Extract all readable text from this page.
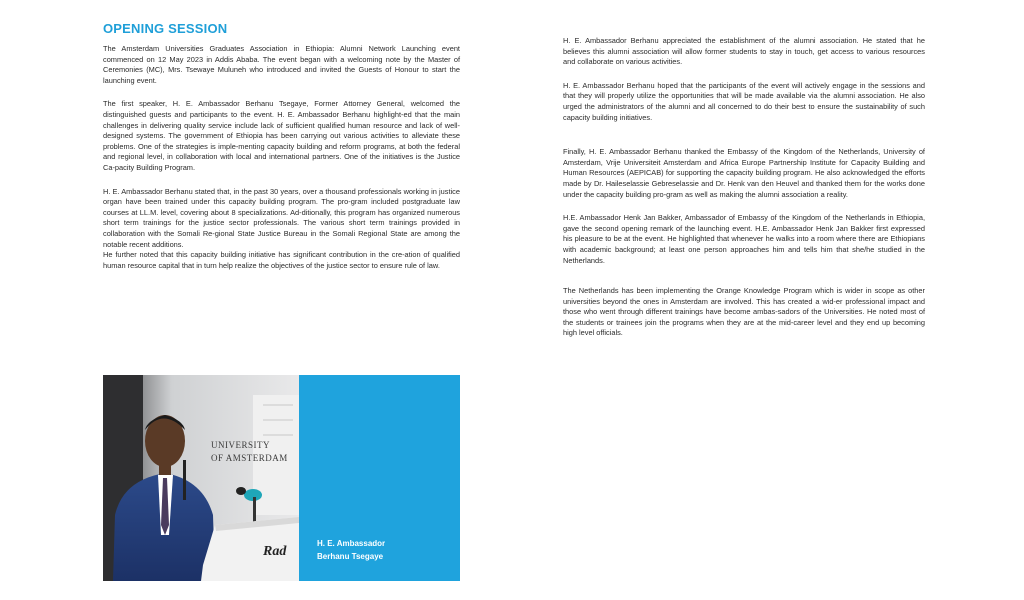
OPENING SESSION

The Amsterdam Universities Graduates Association in Ethiopia: Alumni Network Launching event commenced on 12 May 2023 in Addis Ababa. The event began with a welcoming note by the Master of Ceremonies (MC), Mrs. Tsewaye Muluneh who introduced and invited the Guests of Honour to start the launching event.

The first speaker, H. E. Ambassador Berhanu Tsegaye, Former Attorney General, welcomed the distinguished guests and participants to the event. H. E. Ambassador Berhanu highlight-ed that the main challenges in delivering quality service include lack of sufficient qualified human resource and lack of well-designed systems. The government of Ethiopia has been carrying out various activities to alleviate these problems. One of the strategies is imple-menting capacity building and reform programs, at both the federal and regional level, in collaboration with local and international partners. One of the initiatives is the Justice Ca-pacity Building Program.

H. E. Ambassador Berhanu stated that, in the past 30 years, over a thousand professionals working in justice organ have been trained under this capacity building program. The pro-gram included postgraduate law courses at LL.M. level, covering about 8 specializations. Ad-ditionally, this program has organized numerous short term trainings for the justice sector professionals. The various short term trainings provided in collaboration with the Somali Re-gional State Justice Bureau in the Somali Regional State are among the notable recent additions.

He further noted that this capacity building initiative has significant contribution in the cre-ation of qualified human resource capital that in turn help realize the objectives of the justice sector to ensure rule of law.

UNIVERSITY
OF AMSTERDAM
Rad
H. E. Ambassador
Berhanu Tsegaye

H. E. Ambassador Berhanu appreciated the establishment of the alumni association. He stated that he believes this alumni association will allow former students to stay in touch, get access to various resources and collaborate on various activities.

H. E. Ambassador Berhanu hoped that the participants of the event will actively engage in the sessions and that they will properly utilize the opportunities that will be made available via the alumni association. He also urged the administrators of the alumni and all concerned to do their best to ensure the sustainability of such capacity building initiatives.

Finally, H. E. Ambassador Berhanu thanked the Embassy of the Kingdom of the Netherlands, University of Amsterdam, Vrije Universiteit Amsterdam and Africa Europe Partnership Institute for Capacity Building and Human Resources (AEPICAB) for supporting the capacity building program. He also acknowledged the efforts made by Dr. Haileselassie Gebreselassie and Dr. Henk van den Heuvel and thanked them for the works done under the capacity building pro-gram as well as making the alumni association a reality.

H.E. Ambassador Henk Jan Bakker, Ambassador of Embassy of the Kingdom of the Netherlands in Ethiopia, gave the second opening remark of the launching event. H.E. Ambassador Henk Jan Bakker first expressed his pleasure to be at the event. He highlighted that whenever he walks into a room where there are Ethiopians with academic background; at least one person approaches him and tells him that she/he studied in the Netherlands.

The Netherlands has been implementing the Orange Knowledge Program which is wider in scope as other universities beyond the ones in Amsterdam are involved. This has created a wid-er professional impact and those who went through different trainings have become ambas-sadors of the Universities. He noted most of the students or trainees join the programs when they are at the mid-career level and they end up becoming high level officials.
